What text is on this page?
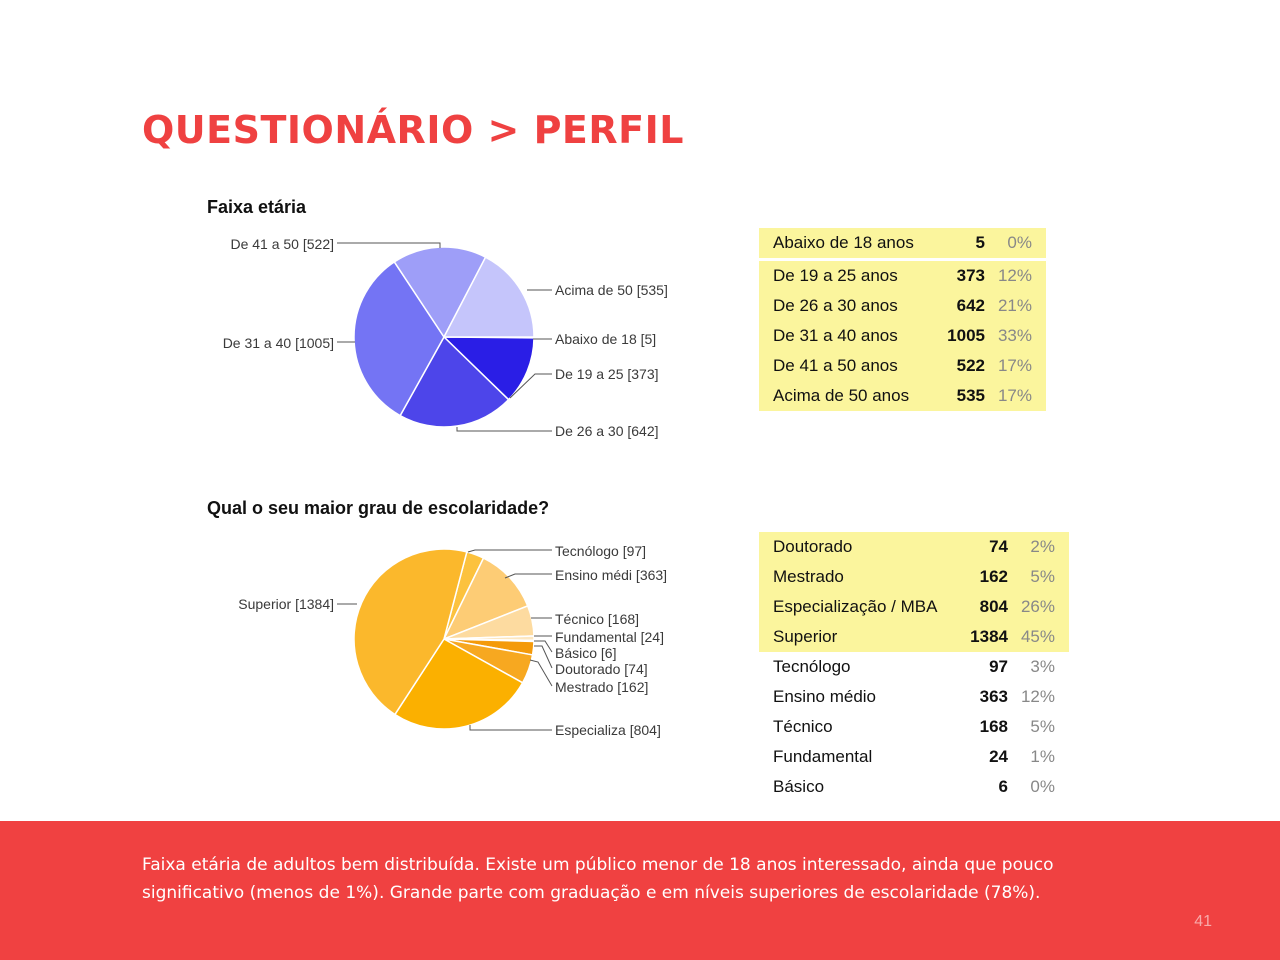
QUESTIONÁRIO > PERFIL
Faixa etária
Qual o seu maior grau de escolaridade?
Abaixo de 18 [5]
De 19 a 25 [373]
De 26 a 30 [642]
De 31 a 40 [1005]
De 41 a 50 [522]
Acima de 50 [535]
Tecnólogo [97]
Ensino médi [363]
Técnico [168]
Fundamental [24]
Básico [6]
Doutorado [74]
Mestrado [162]
Especializa [804]
Superior [1384]
Abaixo de 18 anos	5	0%
De 19 a 25 anos	373	12%
De 26 a 30 anos	642	21%
De 31 a 40 anos	1005	33%
De 41 a 50 anos	522	17%
Acima de 50 anos	535	17%
Doutorado	74	2%
Mestrado	162	5%
Especialização / MBA	804	26%
Superior	1384	45%
Tecnólogo	97	3%
Ensino médio	363	12%
Técnico	168	5%
Fundamental	24	1%
Básico	6	0%

Faixa etária de adultos bem distribuída. Existe um público menor de 18 anos interessado, ainda que pouco significativo (menos de 1%). Grande parte com graduação e em níveis superiores de escolaridade (78%).

41
